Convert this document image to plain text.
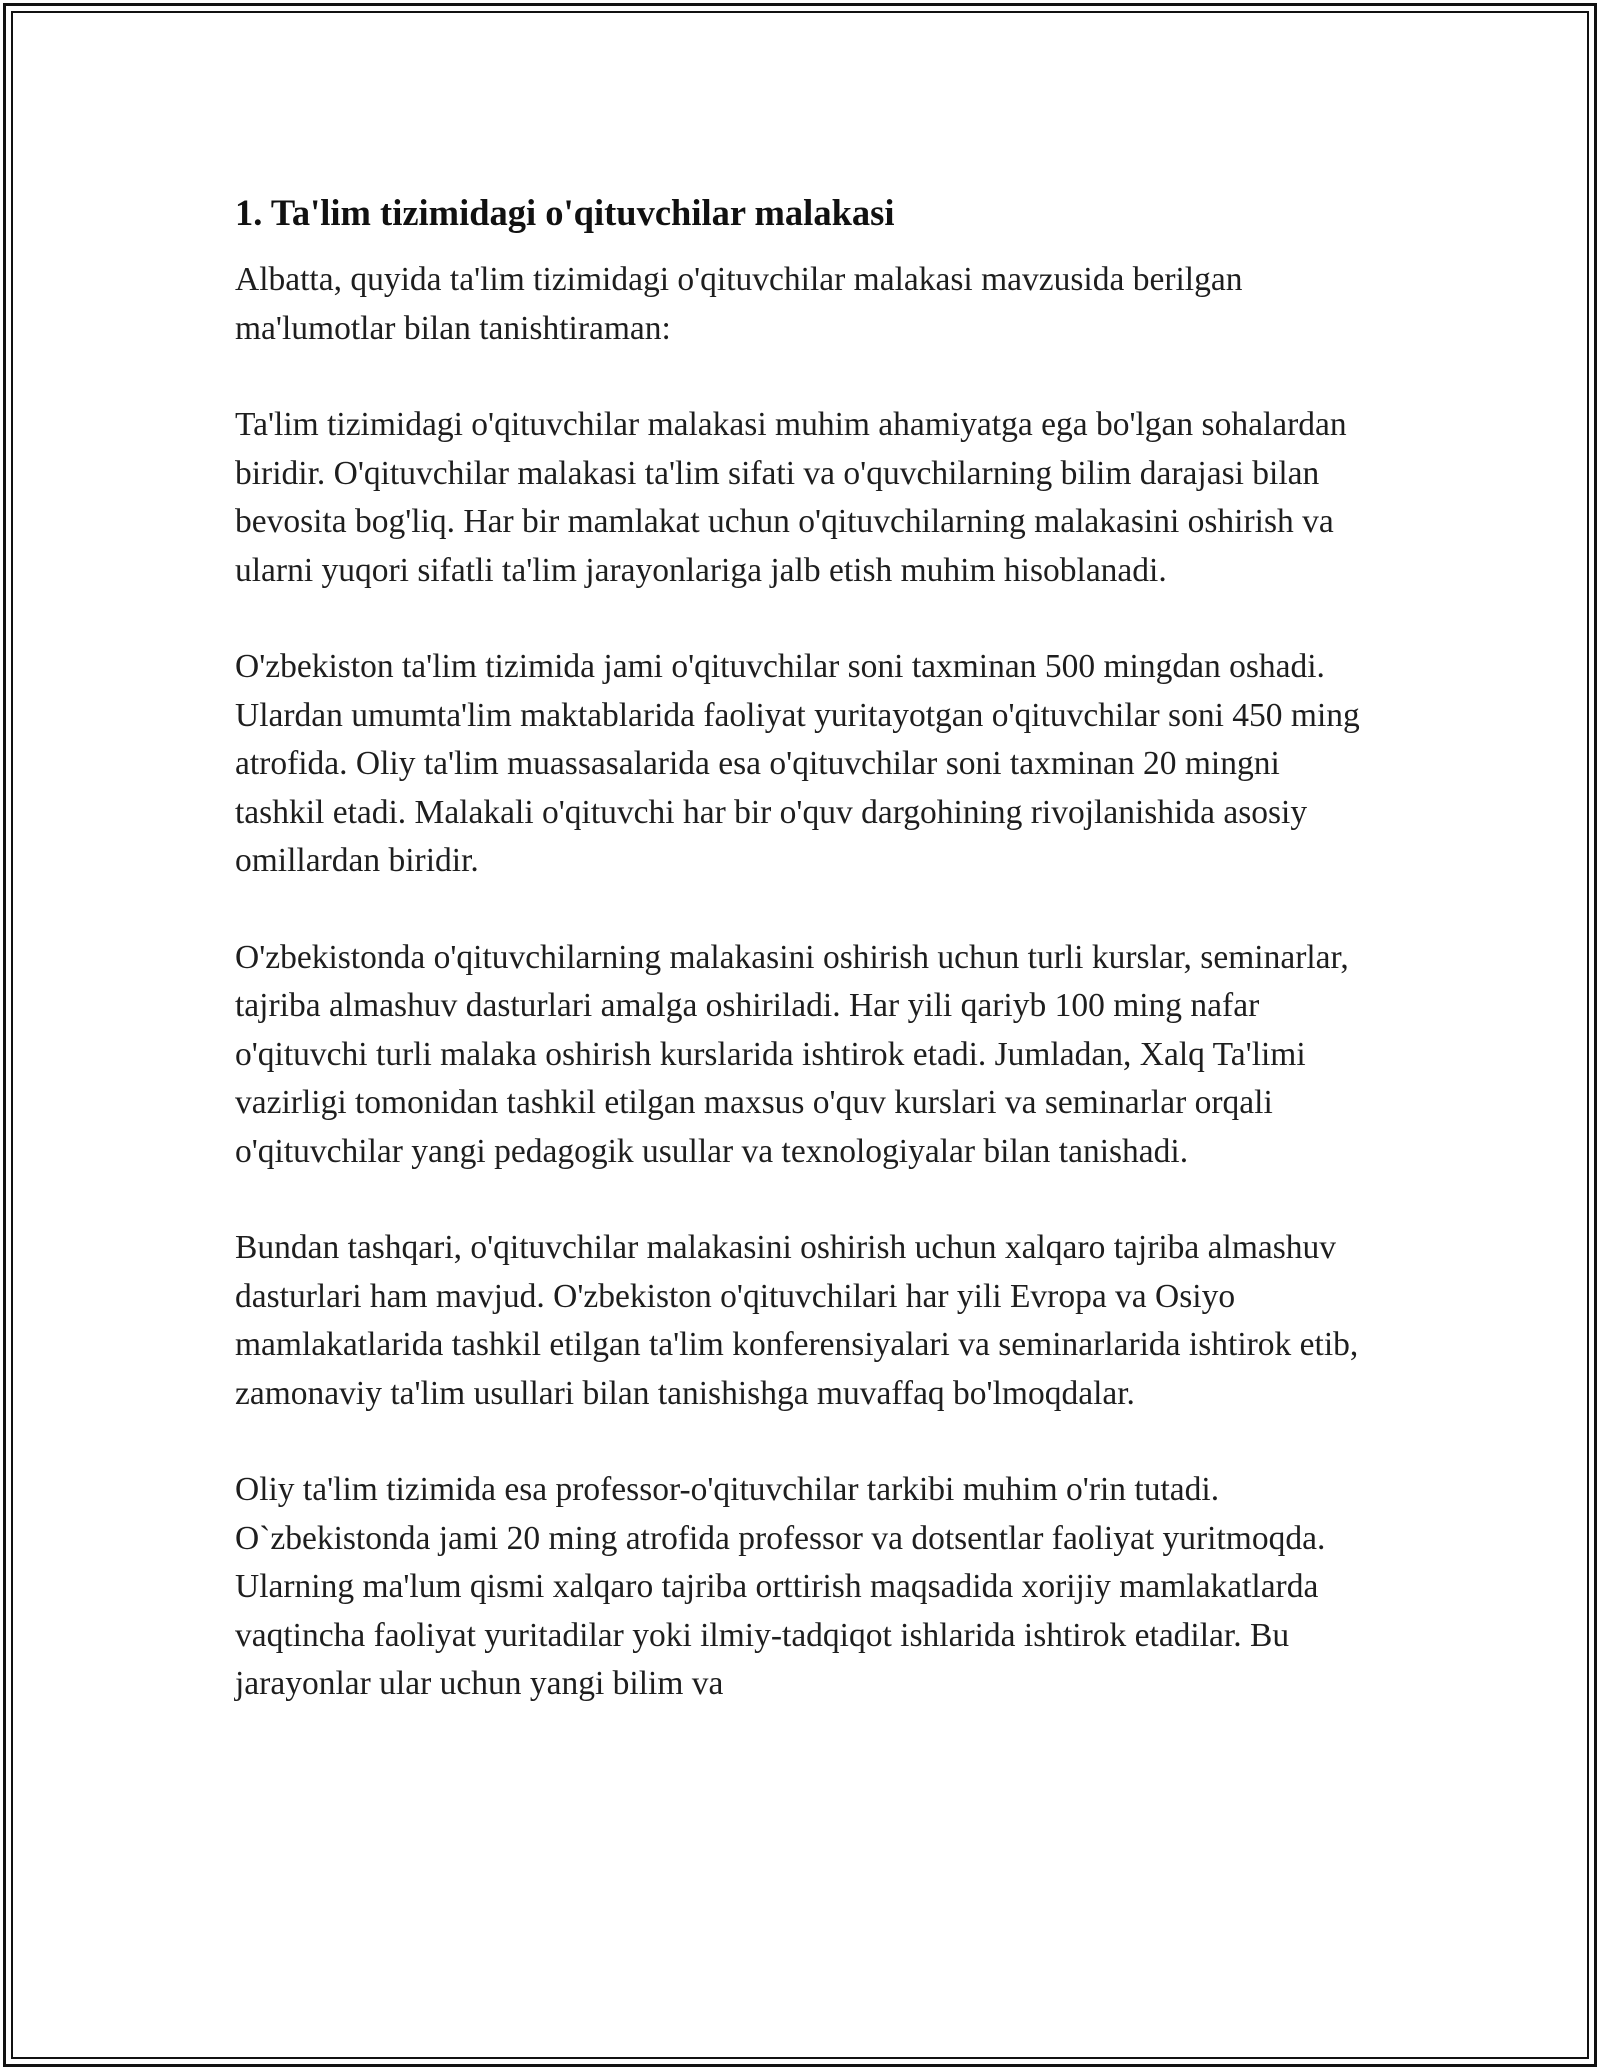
1. Ta'lim tizimidagi o'qituvchilar malakasi

Albatta, quyida ta'lim tizimidagi o'qituvchilar malakasi mavzusida berilgan ma'lumotlar bilan tanishtiraman:

Ta'lim tizimidagi o'qituvchilar malakasi muhim ahamiyatga ega bo'lgan sohalardan biridir. O'qituvchilar malakasi ta'lim sifati va o'quvchilarning bilim darajasi bilan bevosita bog'liq. Har bir mamlakat uchun o'qituvchilarning malakasini oshirish va ularni yuqori sifatli ta'lim jarayonlariga jalb etish muhim hisoblanadi.

O'zbekiston ta'lim tizimida jami o'qituvchilar soni taxminan 500 mingdan oshadi. Ulardan umumta'lim maktablarida faoliyat yuritayotgan o'qituvchilar soni 450 ming atrofida. Oliy ta'lim muassasalarida esa o'qituvchilar soni taxminan 20 mingni tashkil etadi. Malakali o'qituvchi har bir o'quv dargohining rivojlanishida asosiy omillardan biridir.

O'zbekistonda o'qituvchilarning malakasini oshirish uchun turli kurslar, seminarlar, tajriba almashuv dasturlari amalga oshiriladi. Har yili qariyb 100 ming nafar o'qituvchi turli malaka oshirish kurslarida ishtirok etadi. Jumladan, Xalq Ta'limi vazirligi tomonidan tashkil etilgan maxsus o'quv kurslari va seminarlar orqali o'qituvchilar yangi pedagogik usullar va texnologiyalar bilan tanishadi.

Bundan tashqari, o'qituvchilar malakasini oshirish uchun xalqaro tajriba almashuv dasturlari ham mavjud. O'zbekiston o'qituvchilari har yili Evropa va Osiyo mamlakatlarida tashkil etilgan ta'lim konferensiyalari va seminarlarida ishtirok etib, zamonaviy ta'lim usullari bilan tanishishga muvaffaq bo'lmoqdalar.

Oliy ta'lim tizimida esa professor-o'qituvchilar tarkibi muhim o'rin tutadi. O`zbekistonda jami 20 ming atrofida professor va dotsentlar faoliyat yuritmoqda. Ularning ma'lum qismi xalqaro tajriba orttirish maqsadida xorijiy mamlakatlarda vaqtincha faoliyat yuritadilar yoki ilmiy-tadqiqot ishlarida ishtirok etadilar. Bu jarayonlar ular uchun yangi bilim va
